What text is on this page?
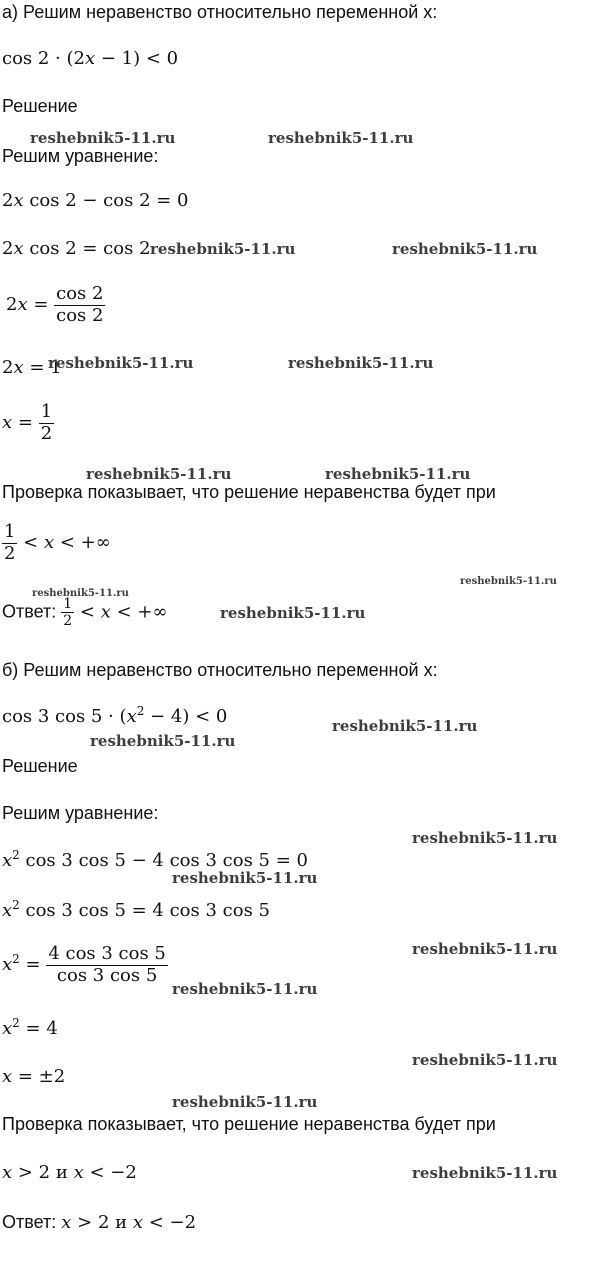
а) Решим неравенство относительно переменной x:
cos 2 · (2x − 1) < 0
Решение
Решим уравнение:
2x cos 2 − cos 2 = 0
2x cos 2 = cos 2
$2x = \frac{\cos 2}{\cos 2}$
2x = 1
$x = \frac{1}{2}$
Проверка показывает, что решение неравенства будет при
$\frac{1}{2} < x$ < +∞
Ответ: $\frac{1}{2} < x$ < +∞
б) Решим неравенство относительно переменной x:
cos 3 $\cos 5 \cdot (x^2 - 4) < 0$
Решение
Решим уравнение:
$x^2$ cos 3 cos 5 − 4 cos 3 cos 5 = 0
$x^2$ cos 3 cos 5 = 4 cos 3 cos 5
$x^2 = \frac{4 \cos 3 \cos 5}{\cos 3 \cos 5}$
$x^2 = 4$
x = ±2
Проверка показывает, что решение неравенства будет при
x > 2 и x < −2
Ответ: x > 2 и x < −2
reshebnik5-11.ru	reshebnik5-11.ru
reshebnik5-11.ru	reshebnik5-11.ru
reshebnik5-11.ru	reshebnik5-11.ru
reshebnik5-11.ru	reshebnik5-11.ru
reshebnik5-11.ru
reshebnik5-11.ru
reshebnik5-11.ru
reshebnik5-11.ru
reshebnik5-11.ru
reshebnik5-11.ru
reshebnik5-11.ru
reshebnik5-11.ru
reshebnik5-11.ru
reshebnik5-11.ru
reshebnik5-11.ru
reshebnik5-11.ru
